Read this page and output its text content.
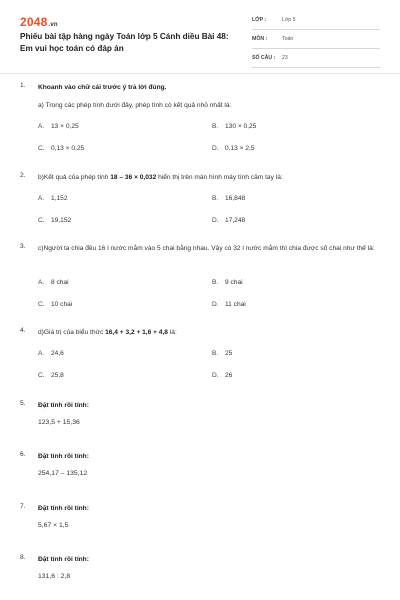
2048.vn
Phiếu bài tập hàng ngày Toán lớp 5 Cánh diều Bài 48: Em vui học toán có đáp án
LỚP :	Lớp 5
MÔN :	Toán
SỐ CÂU : 23
1. Khoanh vào chữ cái trước ý trả lời đúng.
a) Trong các phép tính dưới đây, phép tính có kết quả nhỏ nhất là:
A. 13 × 0,25	B. 130 × 0,25
C. 0,13 × 0,25	D. 0,13 × 2,5
2. b)Kết quả của phép tính 18 – 36 × 0,032 hiển thị trên màn hình máy tính cầm tay là:
A. 1,152	B. 16,848
C. 19,152	D. 17,248
3. c)Người ta chia đều 16 l nước mắm vào 5 chai bằng nhau. Vậy có 32 l nước mắm thì chia được số chai như thế là:
A. 8 chai	B. 9 chai
C. 10 chai	D. 11 chai
4. d)Giá trị của biểu thức 16,4 + 3,2 + 1,6 + 4,8 là:
A. 24,6	B. 25
C. 25,8	D. 26
5. Đặt tính rồi tính:
123,5 + 15,36
6. Đặt tính rồi tính:
254,17 – 135,12
7. Đặt tính rồi tính:
5,67 × 1,5
8. Đặt tính rồi tính:
131,6 : 2,8
